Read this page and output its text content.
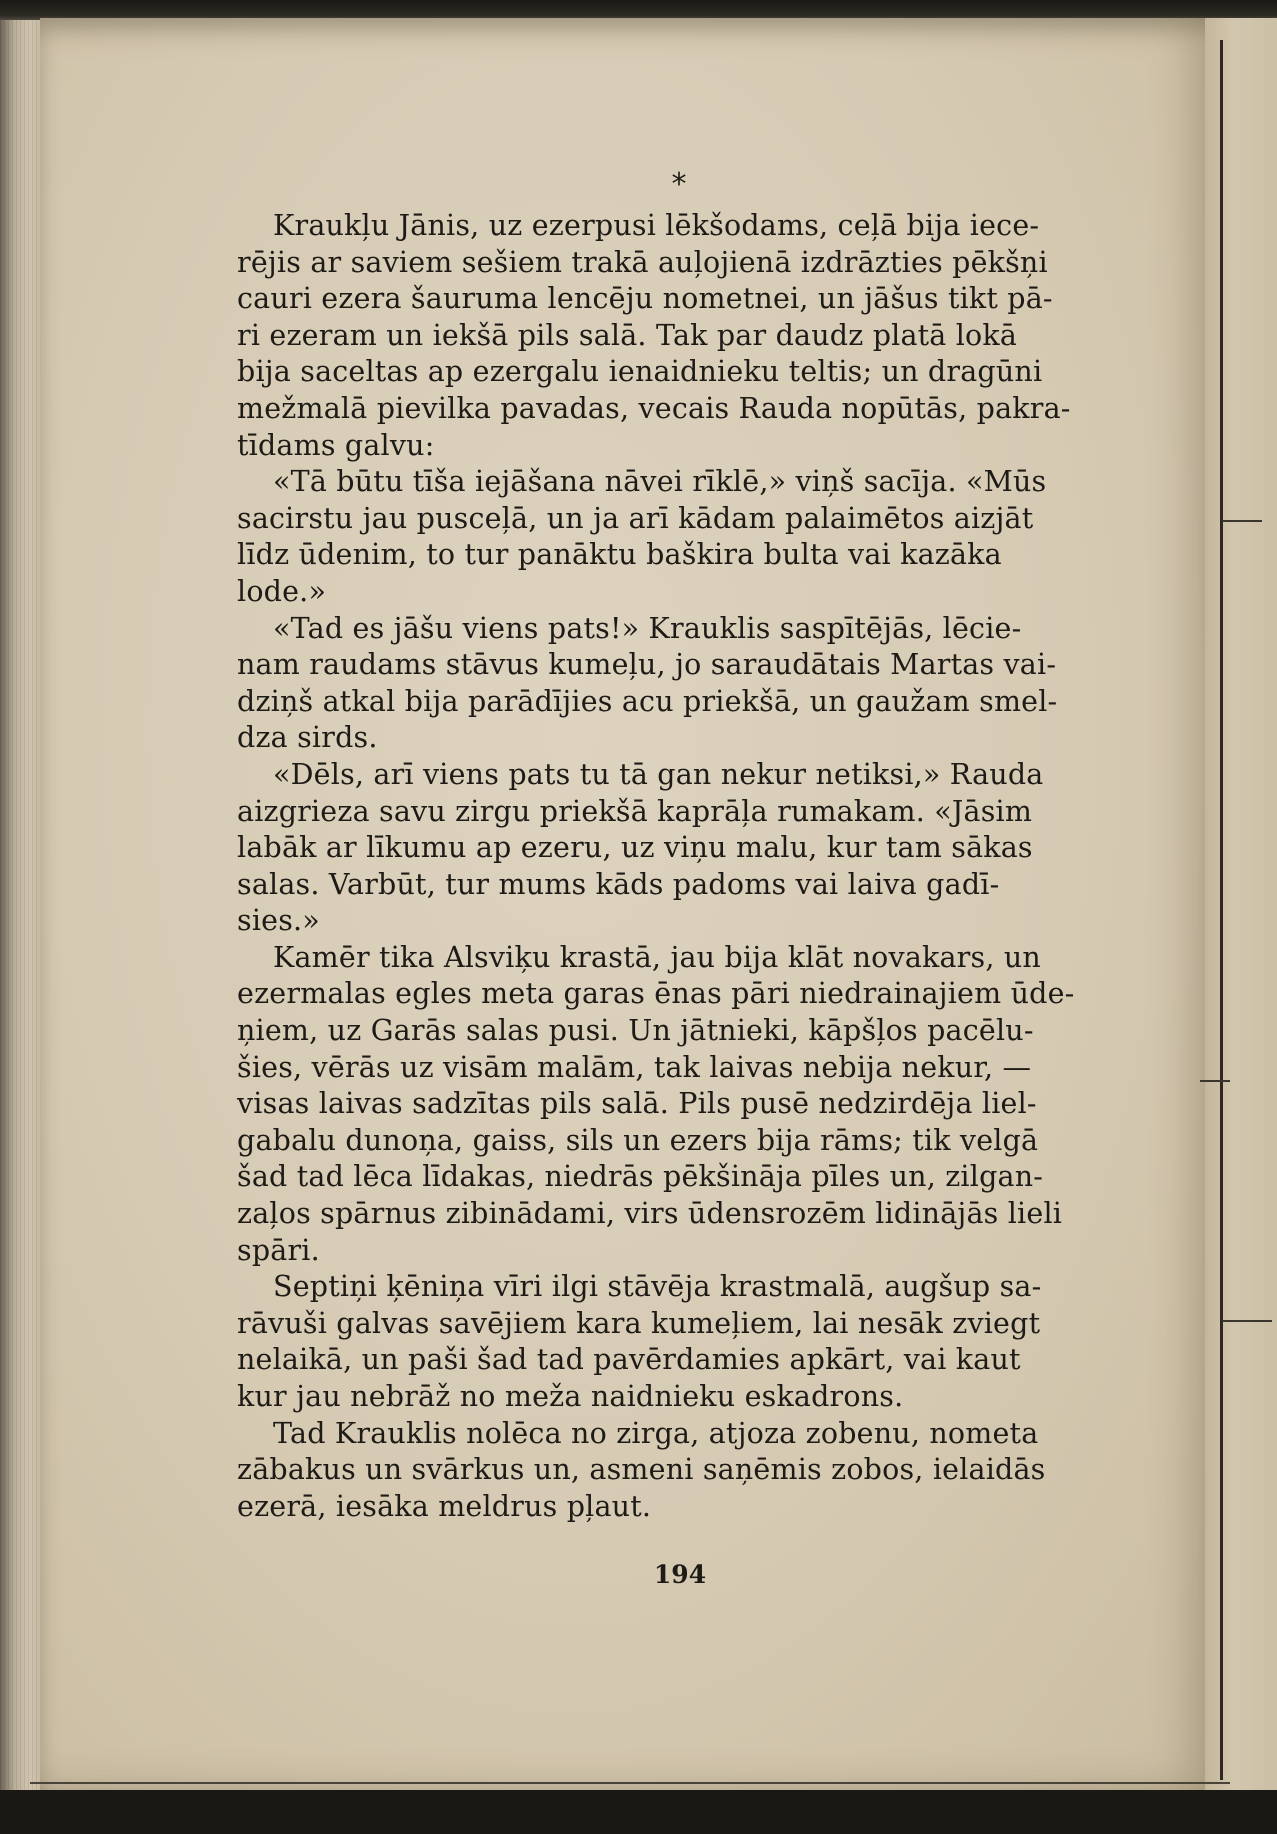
*

Kraukļu Jānis, uz ezerpusi lēkšodams, ceļā bija iece-
rējis ar saviem sešiem trakā auļojienā izdrāzties pēkšņi
cauri ezera šauruma lencēju nometnei, un jāšus tikt pā-
ri ezeram un iekšā pils salā. Tak par daudz platā lokā
bija saceltas ap ezergalu ienaidnieku teltis; un dragūni
mežmalā pievilka pavadas, vecais Rauda nopūtās, pakra-
tīdams galvu:

«Tā būtu tīša iejāšana nāvei rīklē,» viņš sacīja. «Mūs
sacirstu jau pusceļā, un ja arī kādam palaimētos aizjāt
līdz ūdenim, to tur panāktu baškira bulta vai kazāka
lode.»

«Tad es jāšu viens pats!» Krauklis saspītējās, lēcie-
nam raudams stāvus kumeļu, jo saraudātais Martas vai-
dziņš atkal bija parādījies acu priekšā, un gaužam smel-
dza sirds.

«Dēls, arī viens pats tu tā gan nekur netiksi,» Rauda
aizgrieza savu zirgu priekšā kaprāļa rumakam. «Jāsim
labāk ar līkumu ap ezeru, uz viņu malu, kur tam sākas
salas. Varbūt, tur mums kāds padoms vai laiva gadī-
sies.»

Kamēr tika Alsviķu krastā, jau bija klāt novakars, un
ezermalas egles meta garas ēnas pāri niedrainajiem ūde-
ņiem, uz Garās salas pusi. Un jātnieki, kāpšļos pacēlu-
šies, vērās uz visām malām, tak laivas nebija nekur, —
visas laivas sadzītas pils salā. Pils pusē nedzirdēja liel-
gabalu dunoņa, gaiss, sils un ezers bija rāms; tik velgā
šad tad lēca līdakas, niedrās pēkšināja pīles un, zilgan-
zaļos spārnus zibinādami, virs ūdensrozēm lidinājās lieli
spāri.

Septiņi ķēniņa vīri ilgi stāvēja krastmalā, augšup sa-
rāvuši galvas savējiem kara kumeļiem, lai nesāk zviegt
nelaikā, un paši šad tad pavērdamies apkārt, vai kaut
kur jau nebrāž no meža naidnieku eskadrons.

Tad Krauklis nolēca no zirga, atjoza zobenu, nometa
zābakus un svārkus un, asmeni saņēmis zobos, ielaidās
ezerā, iesāka meldrus pļaut.

194
